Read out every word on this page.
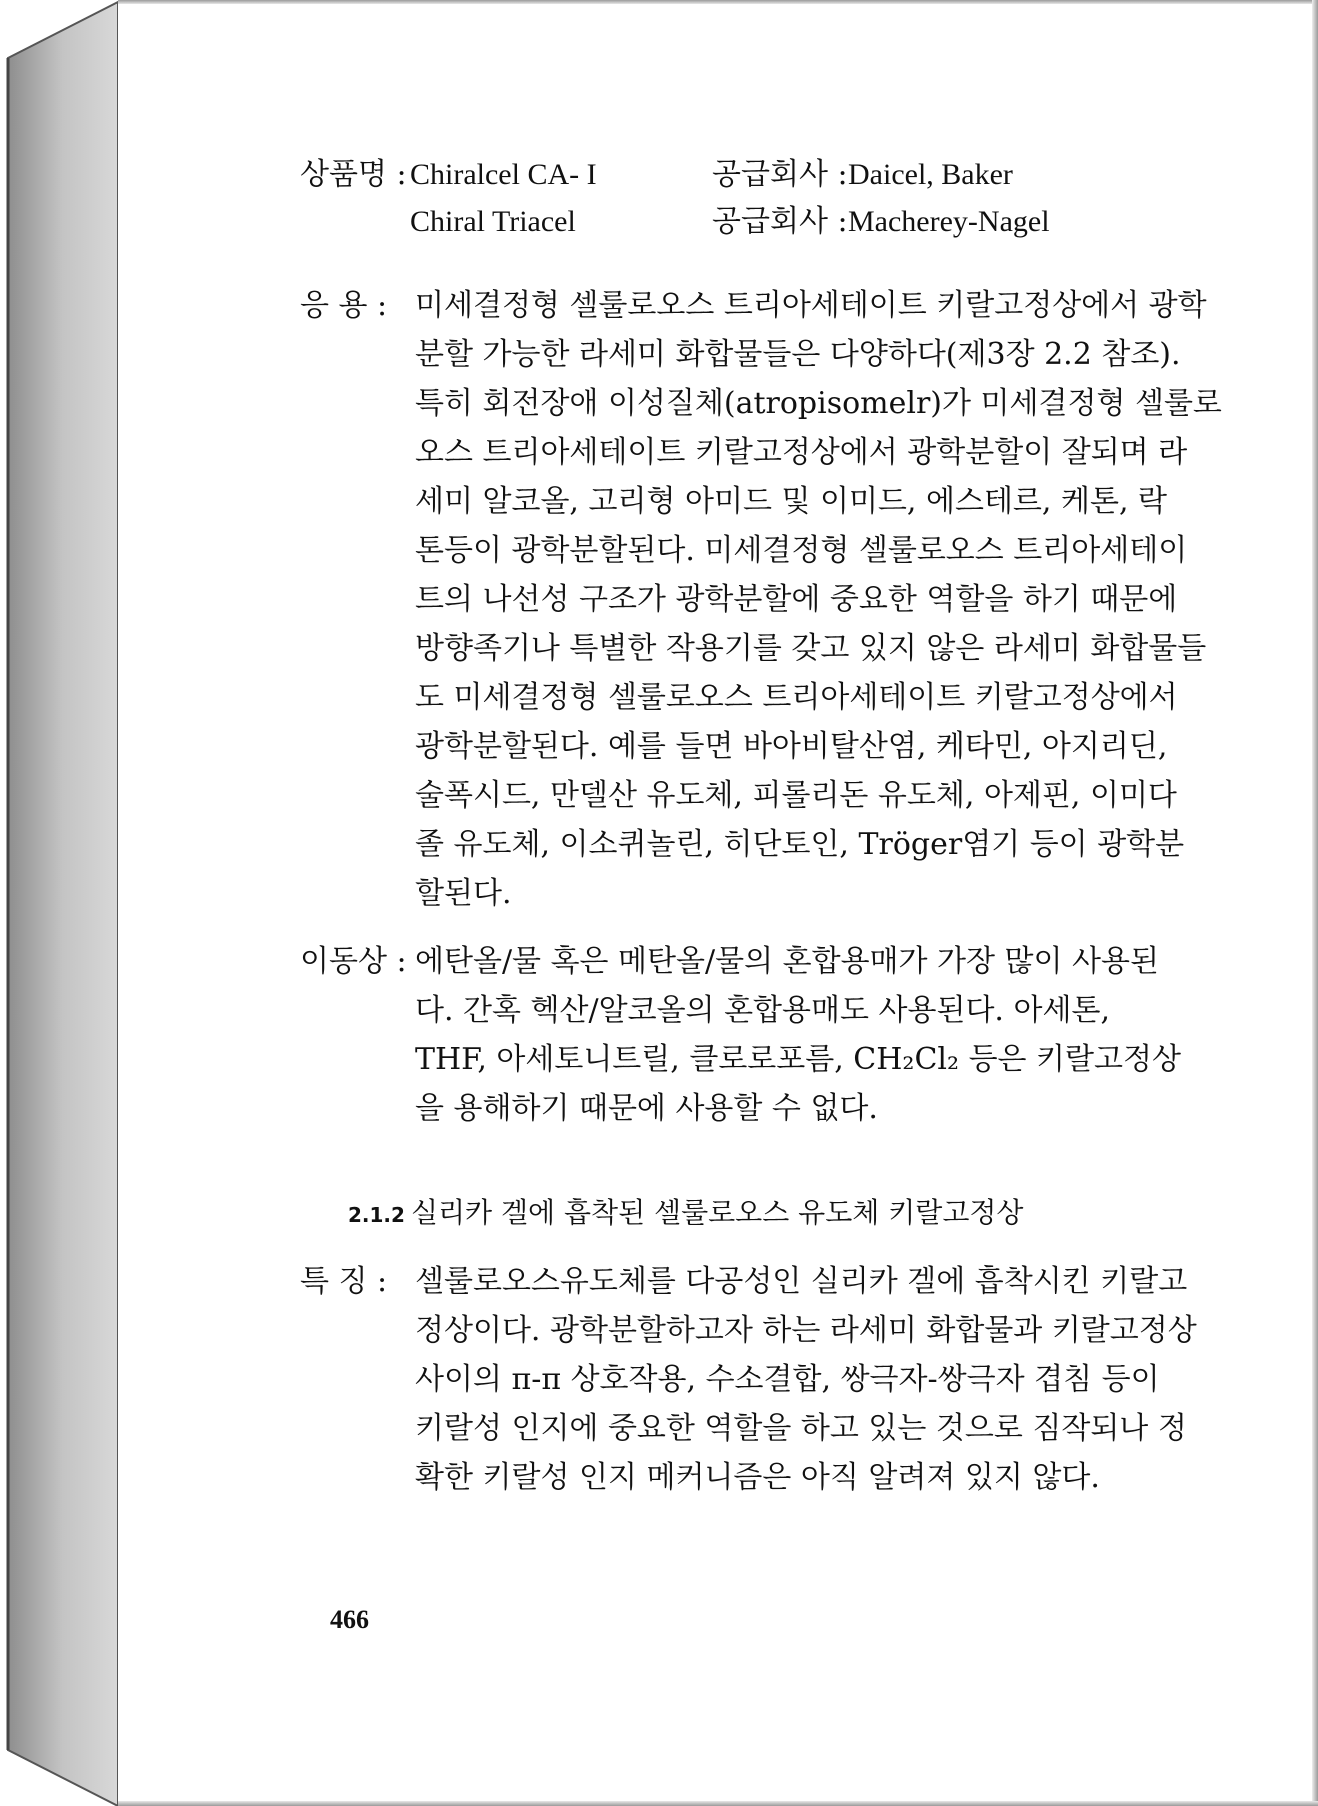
상품명 : Chiralcel CA- I	공급회사 : Daicel, Baker
Chiral Triacel	공급회사 : Macherey-Nagel
응 용 : 미세결정형 셀룰로오스 트리아세테이트 키랄고정상에서 광학
분할 가능한 라세미 화합물들은 다양하다(제3장 2.2 참조).
특히 회전장애 이성질체(atropisomelr)가 미세결정형 셀룰로
오스 트리아세테이트 키랄고정상에서 광학분할이 잘되며 라
세미 알코올, 고리형 아미드 및 이미드, 에스테르, 케톤, 락
톤등이 광학분할된다. 미세결정형 셀룰로오스 트리아세테이
트의 나선성 구조가 광학분할에 중요한 역할을 하기 때문에
방향족기나 특별한 작용기를 갖고 있지 않은 라세미 화합물들
도 미세결정형 셀룰로오스 트리아세테이트 키랄고정상에서
광학분할된다. 예를 들면 바아비탈산염, 케타민, 아지리딘,
술폭시드, 만델산 유도체, 피롤리돈 유도체, 아제핀, 이미다
졸 유도체, 이소퀴놀린, 히단토인, Tröger염기 등이 광학분
할된다.
이동상 : 에탄올/물 혹은 메탄올/물의 혼합용매가 가장 많이 사용된
다. 간혹 헥산/알코올의 혼합용매도 사용된다. 아세톤,
THF, 아세토니트릴, 클로로포름, CH₂Cl₂ 등은 키랄고정상
을 용해하기 때문에 사용할 수 없다.
2.1.2 실리카 겔에 흡착된 셀룰로오스 유도체 키랄고정상
특 징 : 셀룰로오스유도체를 다공성인 실리카 겔에 흡착시킨 키랄고
정상이다. 광학분할하고자 하는 라세미 화합물과 키랄고정상
사이의 π-π 상호작용, 수소결합, 쌍극자-쌍극자 겹침 등이
키랄성 인지에 중요한 역할을 하고 있는 것으로 짐작되나 정
확한 키랄성 인지 메커니즘은 아직 알려져 있지 않다.
466
